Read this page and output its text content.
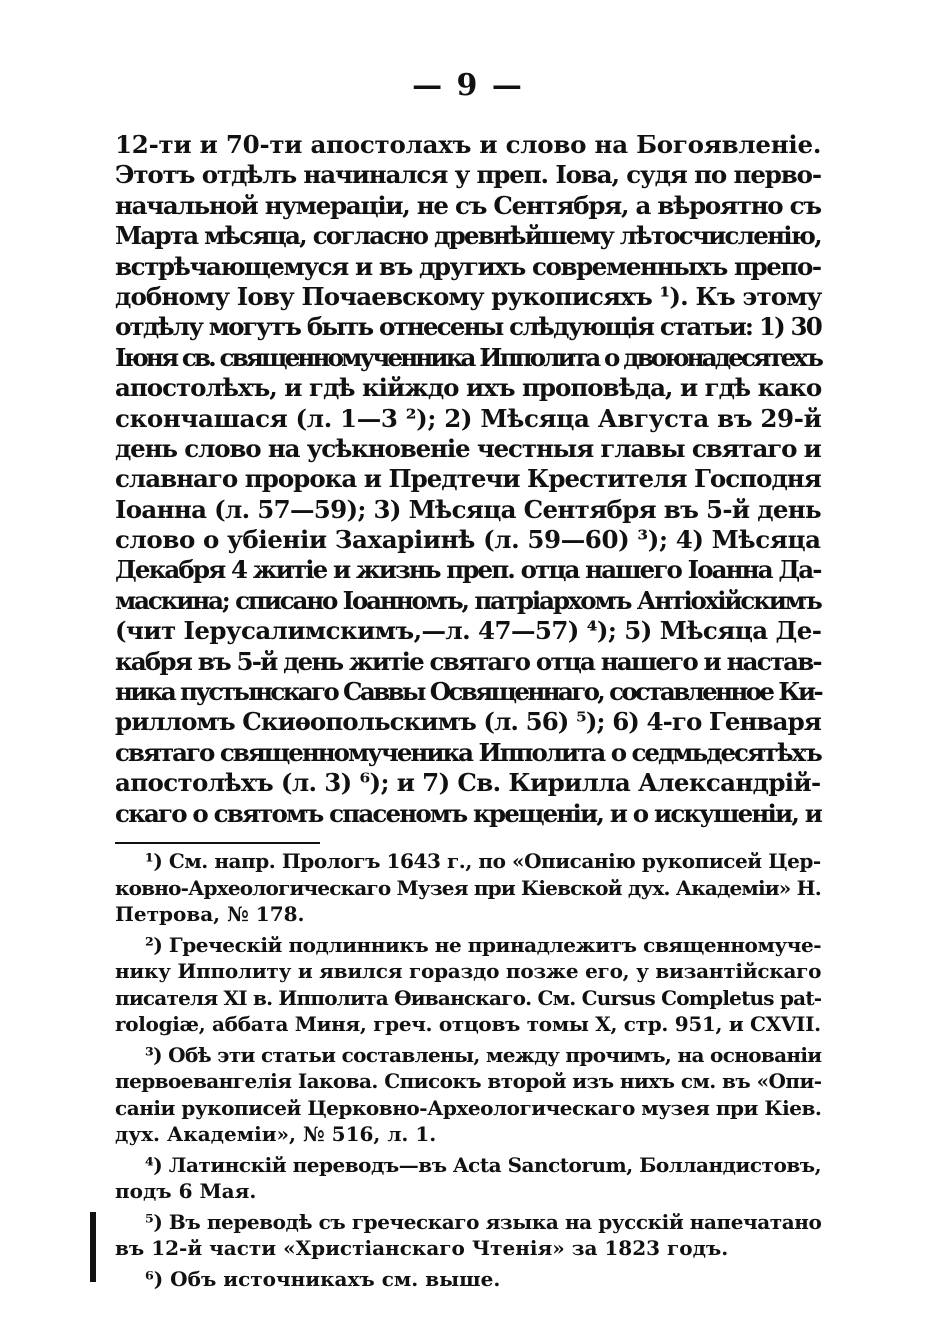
— 9 —
12-ти и 70-ти апостолахъ и слово на Богоявленіе.
Этотъ отдѣлъ начинался у преп. Іова, судя по перво-
начальной нумераціи, не съ Сентября, а вѣроятно съ
Марта мѣсяца, согласно древнѣйшему лѣтосчисленію,
встрѣчающемуся и въ другихъ современныхъ препо-
добному Іову Почаевскому рукописяхъ ¹). Къ этому
отдѣлу могутъ быть отнесены слѣдующія статьи: 1) 30
Іюня св. священномученника Ипполита о двоюнадесятехъ
апостолѣхъ, и гдѣ кійждо ихъ проповѣда, и гдѣ како
скончашася (л. 1—3 ²); 2) Мѣсяца Августа въ 29-й
день слово на усѣкновеніе честныя главы святаго и
славнаго пророка и Предтечи Крестителя Господня
Іоанна (л. 57—59); 3) Мѣсяца Сентября въ 5-й день
слово о убіеніи Захаріинѣ (л. 59—60) ³); 4) Мѣсяца
Декабря 4 житіе и жизнь преп. отца нашего Іоанна Да-
маскина; списано Іоанномъ, патріархомъ Антіохійскимъ
(чит Іерусалимскимъ,—л. 47—57) ⁴); 5) Мѣсяца Де-
кабря въ 5-й день житіе святаго отца нашего и настав-
ника пустынскаго Саввы Освященнаго, составленное Ки-
рилломъ Скиѳопольскимъ (л. 56) ⁵); 6) 4-го Генваря
святаго священномученика Ипполита о седмьдесятѣхъ
апостолѣхъ (л. 3) ⁶); и 7) Св. Кирилла Александрій-
скаго о святомъ спасеномъ крещеніи, и о искушеніи, и
¹) См. напр. Прологъ 1643 г., по «Описанію рукописей Цер-
ковно-Археологическаго Музея при Кіевской дух. Академіи» Н.
Петрова, № 178.
²) Греческій подлинникъ не принадлежитъ священномуче-
нику Ипполиту и явился гораздо позже его, у византійскаго
писателя XI в. Ипполита Ѳиванскаго. См. Cursus Completus pat-
rologiæ, аббата Миня, греч. отцовъ томы X, стр. 951, и CXVII.
³) Обѣ эти статьи составлены, между прочимъ, на основаніи
первоевангелія Іакова. Списокъ второй изъ нихъ см. въ «Опи-
саніи рукописей Церковно-Археологическаго музея при Кіев.
дух. Академіи», № 516, л. 1.
⁴) Латинскій переводъ—въ Acta Sanctorum, Болландистовъ,
подъ 6 Мая.
⁵) Въ переводѣ съ греческаго языка на русскій напечатано
въ 12-й части «Христіанскаго Чтенія» за 1823 годъ.
⁶) Объ источникахъ см. выше.
